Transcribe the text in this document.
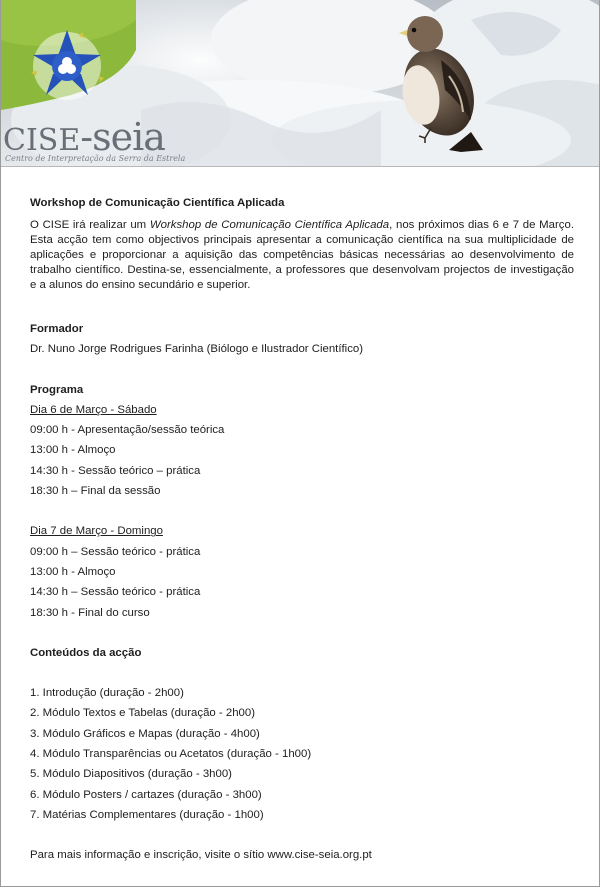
CISE-seia
Centro de Interpretação da Serra da Estrela

Workshop de Comunicação Científica Aplicada

O CISE irá realizar um Workshop de Comunicação Científica Aplicada, nos próximos dias 6 e 7 de Março. Esta acção tem como objectivos principais apresentar a comunicação científica na sua multiplicidade de aplicações e proporcionar a aquisição das competências básicas necessárias ao desenvolvimento de trabalho científico. Destina-se, essencialmente, a professores que desenvolvam projectos de investigação e a alunos do ensino secundário e superior.

Formador

Dr. Nuno Jorge Rodrigues Farinha (Biólogo e Ilustrador Científico)

Programa

Dia 6 de Março - Sábado

09:00 h - Apresentação/sessão teórica

13:00 h - Almoço

14:30 h - Sessão teórico – prática

18:30 h – Final da sessão

Dia 7 de Março - Domingo

09:00 h – Sessão teórico - prática

13:00 h - Almoço

14:30 h – Sessão teórico - prática

18:30 h - Final do curso

Conteúdos da acção

1. Introdução (duração - 2h00)

2. Módulo Textos e Tabelas (duração - 2h00)

3. Módulo Gráficos e Mapas (duração - 4h00)

4. Módulo Transparências ou Acetatos (duração - 1h00)

5. Módulo Diapositivos (duração - 3h00)

6. Módulo Posters / cartazes (duração - 3h00)

7. Matérias Complementares (duração - 1h00)

Para mais informação e inscrição, visite o sítio www.cise-seia.org.pt
